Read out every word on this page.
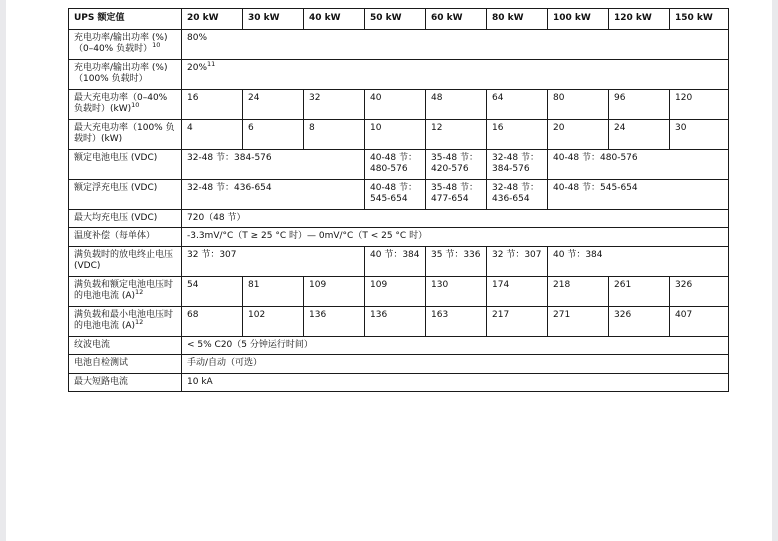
UPS 额定值	20 kW	30 kW	40 kW	50 kW	60 kW	80 kW	100 kW	120 kW	150 kW
充电功率/输出功率 (%)（0–40% 负载时）$^{10}$	80%								
充电功率/输出功率 (%)（100% 负载时）	20%$^{11}$
最大充电功率（0–40% 负载时）(kW)$^{10}$	16	24	32	40	48	64	80	96	120
最大充电功率（100% 负载时）(kW)	4	6	8	10	12	16	20	24	30
额定电池电压 (VDC)	32-48 节：384-576			40-48 节：480-576	35-48 节：420-576	32-48 节：384-576	40-48 节：480-576		
额定浮充电压 (VDC)	32-48 节：436-654			40-48 节：545-654	35-48 节：477-654	32-48 节：436-654	40-48 节：545-654		
最大均充电压 (VDC)	720（48 节）								
温度补偿（每单体）	-3.3mV/°C（T ≥ 25 °C 时）— 0mV/°C（T < 25 °C 时）								
满负载时的放电终止电压 (VDC)	32 节：307			40 节：384	35 节：336	32 节：307	40 节：384		
满负载和额定电池电压时的电池电流 $(A)^{12}$	54	81	109	109	130	174	218	261	326
满负载和最小电池电压时的电池电流 $(A)^{12}$	68	102	136	136	163	217	271	326	407
纹波电流	< 5% C20（5 分钟运行时间）								
电池自检测试	手动/自动（可选）								
最大短路电流	10 kA								
